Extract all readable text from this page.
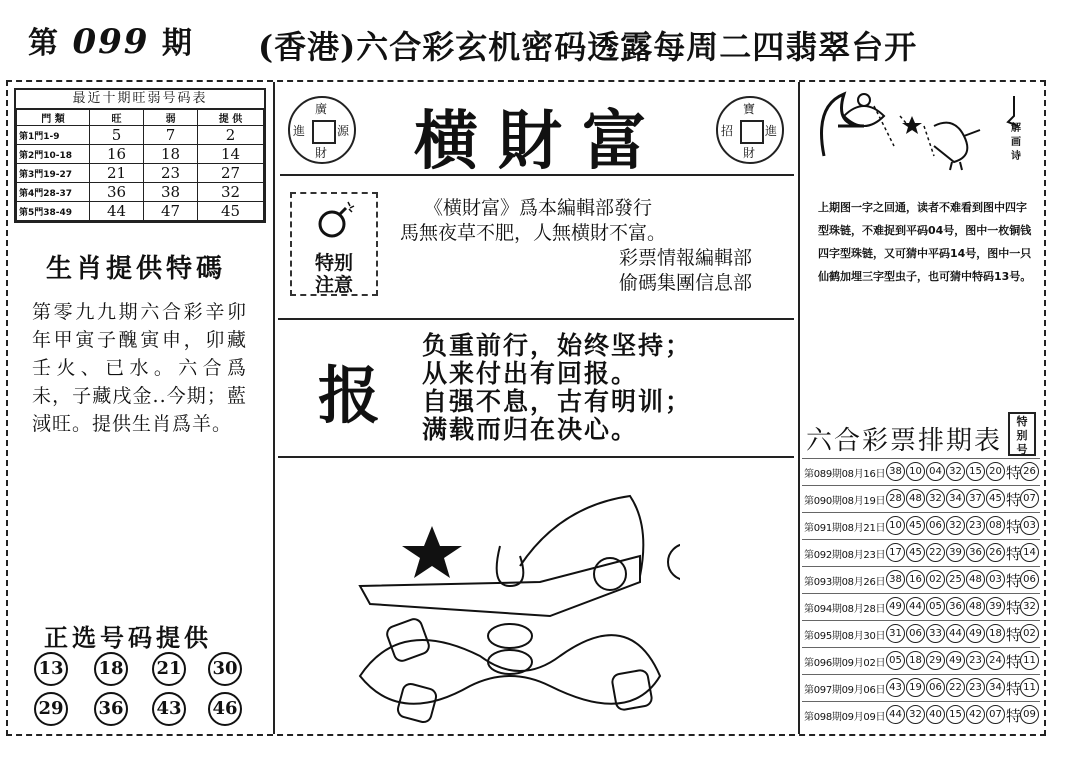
第 099 期 (香港)六合彩玄机密码透露每周二四翡翠台开
最近十期旺弱号码表
門 類	旺	弱	提 供
第1門1-9	5	7	2
第2門10-18	16	18	14
第3門19-27	21	23	27
第4門28-37	36	38	32
第5門38-49	44	47	45
生肖提供特碼
第零九九期六合彩辛卯年甲寅子醜寅申，卯藏壬火、已水。六合爲未，子藏戌金..今期；藍淢旺。提供生肖爲羊。
正选号码提供
13 18 21 30
29 36 43 46
廣
進	源
財	横財富	寶
招	進
財
特别
注意
《横財富》爲本編輯部發行
馬無夜草不肥，人無横財不富。
彩票情報編輯部
偷碼集團信息部
报
负重前行，始终坚持；
从来付出有回报。
自强不息，古有明训；
满载而归在决心。
解画诗
上期图一字之回通，读者不难看到图中四字型珠链，不难捉到平码04号，图中一枚铜钱四字型珠链，又可猜中平码14号，图中一只仙鹤加埋三字型虫子，也可猜中特码13号。
六合彩票排期表
特
别
号
第089期08月16日 38 10 04 32 15 20 特 26
第090期08月19日 28 48 32 34 37 45 特 07
第091期08月21日 10 45 06 32 23 08 特 03
第092期08月23日 17 45 22 39 36 26 特 14
第093期08月26日 38 16 02 25 48 03 特 06
第094期08月28日 49 44 05 36 48 39 特 32
第095期08月30日 31 06 33 44 49 18 特 02
第096期09月02日 05 18 29 49 23 24 特 11
第097期09月06日 43 19 06 22 23 34 特 11
第098期09月09日 44 32 40 15 42 07 特 09
